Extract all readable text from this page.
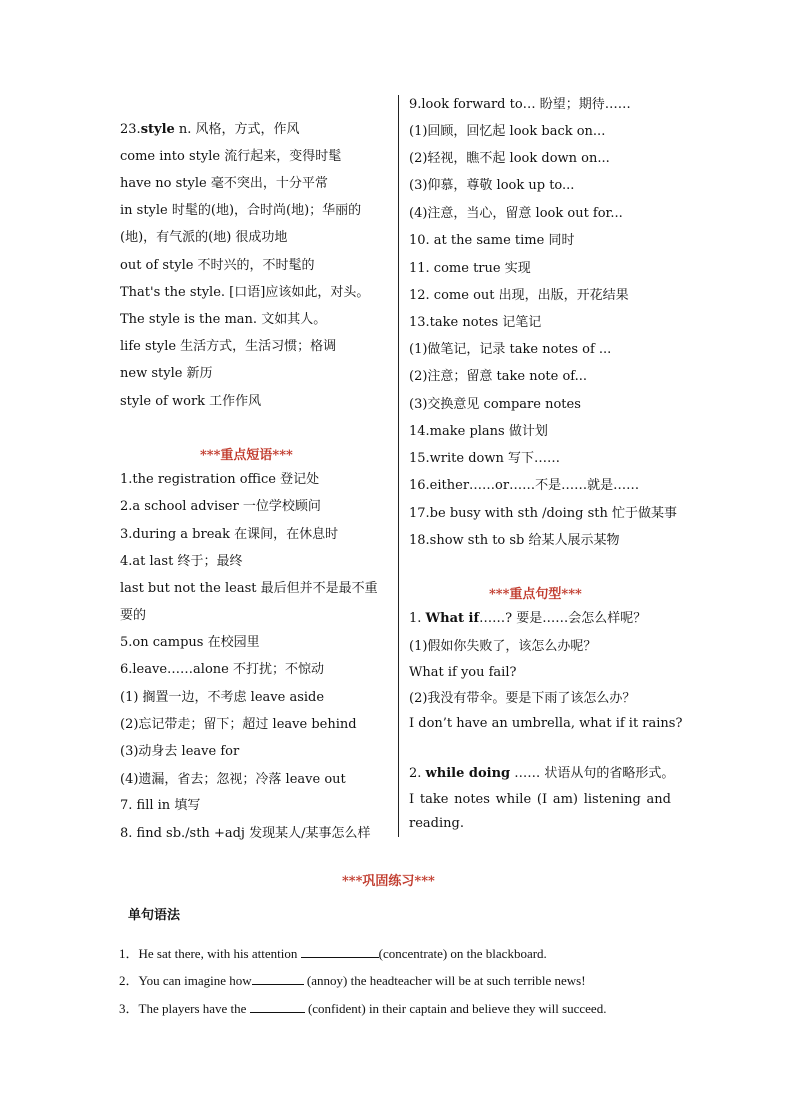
23.style n. 风格，方式，作风
come into style 流行起来，变得时髦
have no style 毫不突出，十分平常
in style 时髦的(地)，合时尚(地)；华丽的
(地)，有气派的(地) 很成功地
out of style 不时兴的，不时髦的
That's the style. [口语]应该如此，对头。
The style is the man. 文如其人。
life style 生活方式，生活习惯；格调
new style 新历
style of work 工作作风
***重点短语***
1.the registration office 登记处
2.a school adviser 一位学校顾问
3.during a break 在课间，在休息时
4.at last 终于；最终
last but not the least 最后但并不是最不重
要的
5.on campus 在校园里
6.leave……alone 不打扰；不惊动
(1) 搁置一边，不考虑 leave aside
(2)忘记带走；留下；超过 leave behind
(3)动身去 leave for
(4)遗漏，省去；忽视；冷落 leave out
7. fill in 填写
8. find sb./sth +adj 发现某人/某事怎么样
9.look forward to… 盼望；期待……
(1)回顾，回忆起 look back on...
(2)轻视，瞧不起 look down on...
(3)仰慕，尊敬 look up to...
(4)注意，当心，留意 look out for...
10. at the same time 同时
11. come true 实现
12. come out 出现，出版，开花结果
13.take notes 记笔记
(1)做笔记，记录 take notes of ...
(2)注意；留意 take note of...
(3)交换意见 compare notes
14.make plans 做计划
15.write down 写下……
16.either……or……不是……就是……
17.be busy with sth /doing sth 忙于做某事
18.show sth to sb 给某人展示某物
***重点句型***
1. What if……? 要是……会怎么样呢？
(1)假如你失败了，该怎么办呢？
What if you fail?
(2)我没有带伞。要是下雨了该怎么办？
I don’t have an umbrella, what if it rains?
2. while doing …… 状语从句的省略形式。
I take notes while (I am) listening and
reading.
***巩固练习***
单句语法
1．He sat there, with his attention	(concentrate) on the blackboard.
2．You can imagine how	(annoy) the headteacher will be at such terrible news!
3．The players have the	(confident) in their captain and believe they will succeed.
